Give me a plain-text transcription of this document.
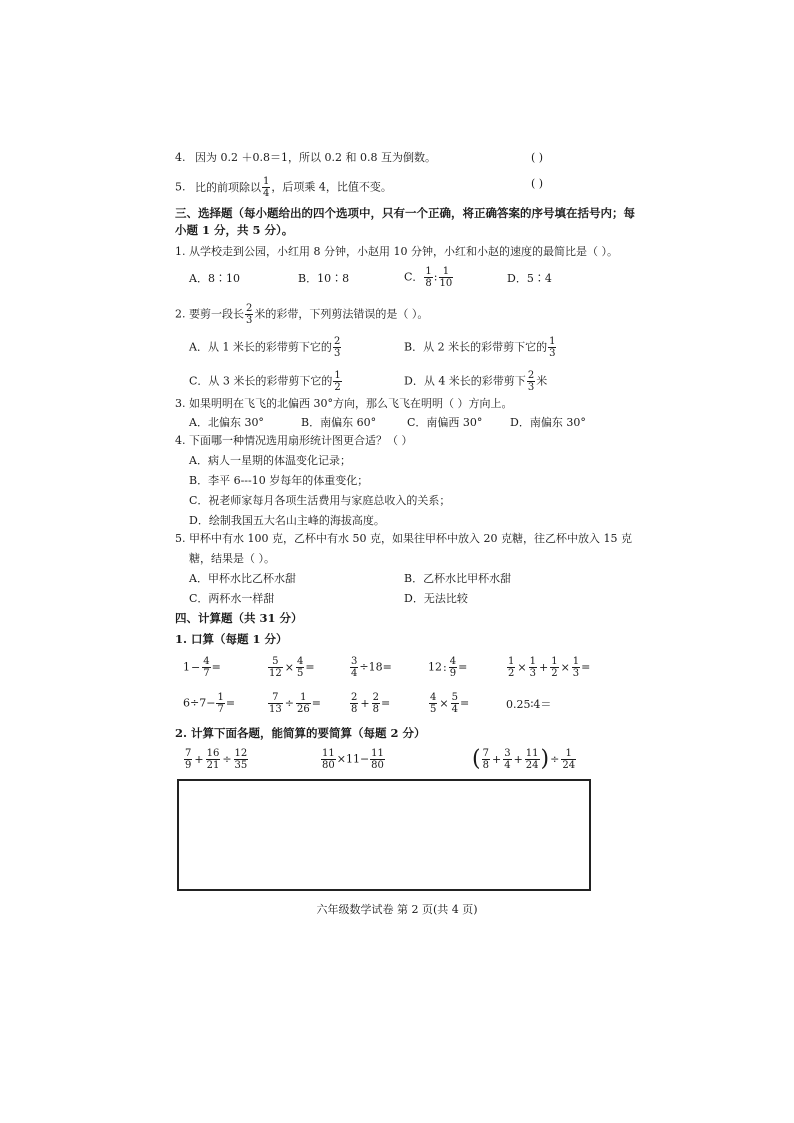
4. 因为 0.2 ＋0.8＝1，所以 0.2 和 0.8 互为倒数。	( )
5. 比的前项除以 $\frac{1}{4}$ ，后项乘 4，比值不变。	( )
三、选择题（每小题给出的四个选项中，只有一个正确，将正确答案的序号填在括号内；每
小题 1 分，共 5 分）。
1. 从学校走到公园，小红用 8 分钟，小赵用 10 分钟，小红和小赵的速度的最简比是（ ）。
A．8∶10	B．10∶8	C． $\frac{1}{8}$ : $\frac{1}{10}$	D．5∶4
2. 要剪一段长 $\frac{2}{3}$ 米的彩带，下列剪法错误的是（ ）。
A．从 1 米长的彩带剪下它的 $\frac{2}{3}$	B．从 2 米长的彩带剪下它的 $\frac{1}{3}$
C．从 3 米长的彩带剪下它的 $\frac{1}{2}$	D．从 4 米长的彩带剪下 $\frac{2}{3}$ 米
3. 如果明明在飞飞的北偏西 30°方向，那么飞飞在明明（ ）方向上。
A．北偏东 30°	B．南偏东 60°	C．南偏西 30°	D．南偏东 30°
4. 下面哪一种情况选用扇形统计图更合适？（ ）
A．病人一星期的体温变化记录；
B．李平 6---10 岁每年的体重变化；
C．祝老师家每月各项生活费用与家庭总收入的关系；
D．绘制我国五大名山主峰的海拔高度。
5. 甲杯中有水 100 克，乙杯中有水 50 克，如果往甲杯中放入 20 克糖，往乙杯中放入 15 克
糖，结果是（ ）。
A．甲杯水比乙杯水甜	B．乙杯水比甲杯水甜
C．两杯水一样甜	D．无法比较
四、计算题（共 31 分）
1. 口算（每题 1 分）
$1- \frac{4}{7}$ =	$\frac{5}{12} \times \frac{4}{5}$ =	$\frac{3}{4} \div 18=$	12: $\frac{4}{9}$ =	$\frac{1}{2} \times \frac{1}{3} + \frac{1}{2} \times \frac{1}{3}$ =
$6\div 7- \frac{1}{7}$ =	$\frac{7}{13} \div \frac{1}{26}$ =	$\frac{2}{8} + \frac{2}{8}$ =	$\frac{4}{5} \times \frac{5}{4}$ =	0.25∶4＝
2. 计算下面各题，能简算的要简算（每题 2 分）
$\frac{7}{9} + \frac{16}{21} \div \frac{12}{35}$	$\frac{11}{80} \times 11- \frac{11}{80}$	( $\frac{7}{8} + \frac{3}{4} + \frac{11}{24}$ )÷ $\frac{1}{24}$
六年级数学试卷 第 2 页(共 4 页)
